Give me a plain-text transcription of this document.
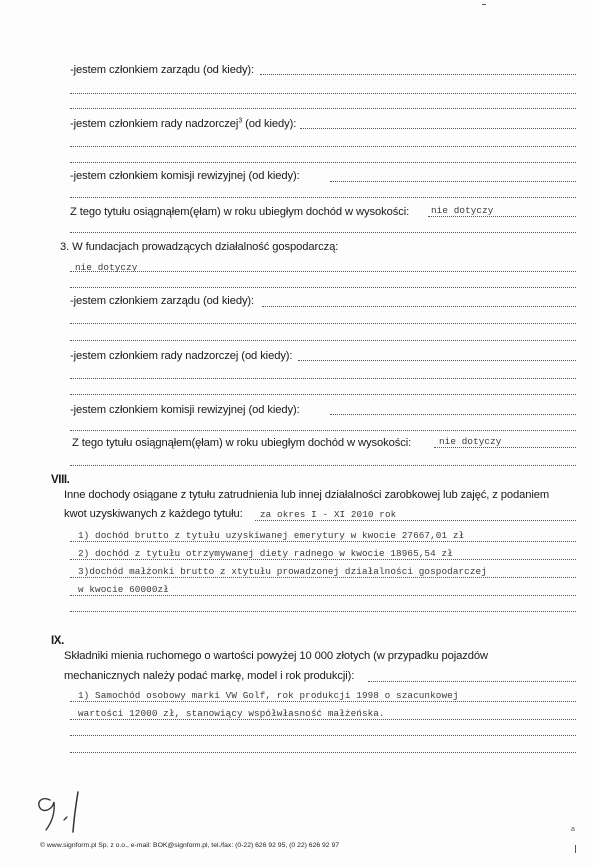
-jestem członkiem zarządu (od kiedy):
-jestem członkiem rady nadzorczej$^3$ (od kiedy):
-jestem członkiem komisji rewizyjnej (od kiedy):
Z tego tytułu osiągnąłem(ęłam) w roku ubiegłym dochód w wysokości: nie dotyczy
3. W fundacjach prowadzących działalność gospodarczą:
nie dotyczy
-jestem członkiem zarządu (od kiedy):
-jestem członkiem rady nadzorczej (od kiedy):
-jestem członkiem komisji rewizyjnej (od kiedy):
Z tego tytułu osiągnąłem(ęłam) w roku ubiegłym dochód w wysokości:	nie dotyczy
VIII.
Inne dochody osiągane z tytułu zatrudnienia lub innej działalności zarobkowej lub zajęć, z podaniem
kwot uzyskiwanych z każdego tytułu: za okres I - XI 2010 rok
1) dochód brutto z tytułu uzyskiwanej emerytury w kwocie 27667,01 zł
2) dochód z tytułu otrzymywanej diety radnego w kwocie 18965,54 zł
3)dochód małżonki brutto z xtytułu prowadzonej działalności gospodarczej
w kwocie 60000zł
IX.
Składniki mienia ruchomego o wartości powyżej 10 000 złotych (w przypadku pojazdów
mechanicznych należy podać markę, model i rok produkcji):
1) Samochód osobowy marki VW Golf, rok produkcji 1998 o szacunkowej
wartości 12000 zł, stanowiący współwłasność małżeńska.
© www.signform.pl Sp. z o.o., e-mail: BOK@signform.pl, tel./fax: (0-22) 626 92 95, (0 22) 626 92 97
a
